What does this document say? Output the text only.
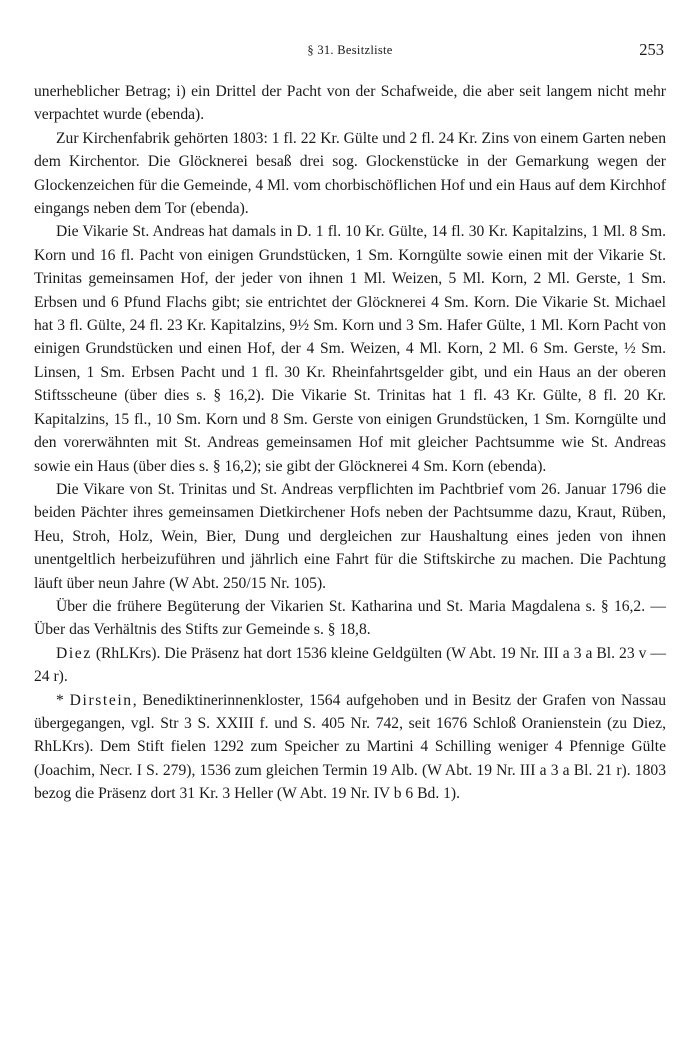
§ 31. Besitzliste	253

unerheblicher Betrag; i) ein Drittel der Pacht von der Schafweide, die aber seit langem nicht mehr verpachtet wurde (ebenda).

Zur Kirchenfabrik gehörten 1803: 1 fl. 22 Kr. Gülte und 2 fl. 24 Kr. Zins von einem Garten neben dem Kirchentor. Die Glöcknerei besaß drei sog. Glockenstücke in der Gemarkung wegen der Glockenzeichen für die Gemeinde, 4 Ml. vom chorbischöflichen Hof und ein Haus auf dem Kirchhof eingangs neben dem Tor (ebenda).

Die Vikarie St. Andreas hat damals in D. 1 fl. 10 Kr. Gülte, 14 fl. 30 Kr. Kapitalzins, 1 Ml. 8 Sm. Korn und 16 fl. Pacht von einigen Grundstücken, 1 Sm. Korngülte sowie einen mit der Vikarie St. Trinitas gemeinsamen Hof, der jeder von ihnen 1 Ml. Weizen, 5 Ml. Korn, 2 Ml. Gerste, 1 Sm. Erbsen und 6 Pfund Flachs gibt; sie entrichtet der Glöcknerei 4 Sm. Korn. Die Vikarie St. Michael hat 3 fl. Gülte, 24 fl. 23 Kr. Kapitalzins, 9½ Sm. Korn und 3 Sm. Hafer Gülte, 1 Ml. Korn Pacht von einigen Grundstücken und einen Hof, der 4 Sm. Weizen, 4 Ml. Korn, 2 Ml. 6 Sm. Gerste, ½ Sm. Linsen, 1 Sm. Erbsen Pacht und 1 fl. 30 Kr. Rheinfahrtsgelder gibt, und ein Haus an der oberen Stiftsscheune (über dies s. § 16,2). Die Vikarie St. Trinitas hat 1 fl. 43 Kr. Gülte, 8 fl. 20 Kr. Kapitalzins, 15 fl., 10 Sm. Korn und 8 Sm. Gerste von einigen Grundstücken, 1 Sm. Korngülte und den vorerwähnten mit St. Andreas gemeinsamen Hof mit gleicher Pachtsumme wie St. Andreas sowie ein Haus (über dies s. § 16,2); sie gibt der Glöcknerei 4 Sm. Korn (ebenda).

Die Vikare von St. Trinitas und St. Andreas verpflichten im Pachtbrief vom 26. Januar 1796 die beiden Pächter ihres gemeinsamen Dietkirchener Hofs neben der Pachtsumme dazu, Kraut, Rüben, Heu, Stroh, Holz, Wein, Bier, Dung und dergleichen zur Haushaltung eines jeden von ihnen unentgeltlich herbeizuführen und jährlich eine Fahrt für die Stiftskirche zu machen. Die Pachtung läuft über neun Jahre (W Abt. 250/15 Nr. 105).

Über die frühere Begüterung der Vikarien St. Katharina und St. Maria Magdalena s. § 16,2. — Über das Verhältnis des Stifts zur Gemeinde s. § 18,8.

Diez (RhLKrs). Die Präsenz hat dort 1536 kleine Geldgülten (W Abt. 19 Nr. III a 3 a Bl. 23 v — 24 r).

* Dirstein, Benediktinerinnenkloster, 1564 aufgehoben und in Besitz der Grafen von Nassau übergegangen, vgl. Str 3 S. XXIII f. und S. 405 Nr. 742, seit 1676 Schloß Oranienstein (zu Diez, RhLKrs). Dem Stift fielen 1292 zum Speicher zu Martini 4 Schilling weniger 4 Pfennige Gülte (Joachim, Necr. I S. 279), 1536 zum gleichen Termin 19 Alb. (W Abt. 19 Nr. III a 3 a Bl. 21 r). 1803 bezog die Präsenz dort 31 Kr. 3 Heller (W Abt. 19 Nr. IV b 6 Bd. 1).
